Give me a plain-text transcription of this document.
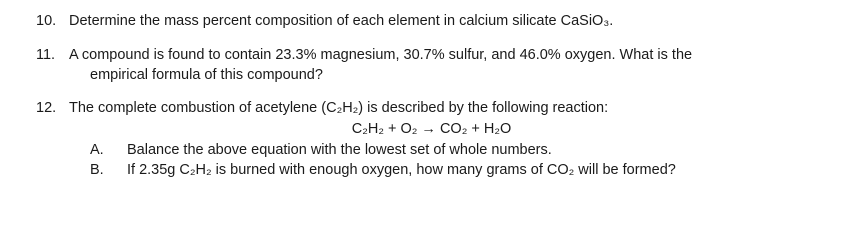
10. Determine the mass percent composition of each element in calcium silicate CaSiO₃.
11. A compound is found to contain 23.3% magnesium, 30.7% sulfur, and 46.0% oxygen. What is the
empirical formula of this compound?
12. The complete combustion of acetylene (C₂H₂) is described by the following reaction:
C₂H₂ + O₂ → CO₂ + H₂O
A. Balance the above equation with the lowest set of whole numbers.
B. If 2.35g C₂H₂ is burned with enough oxygen, how many grams of CO₂ will be formed?
